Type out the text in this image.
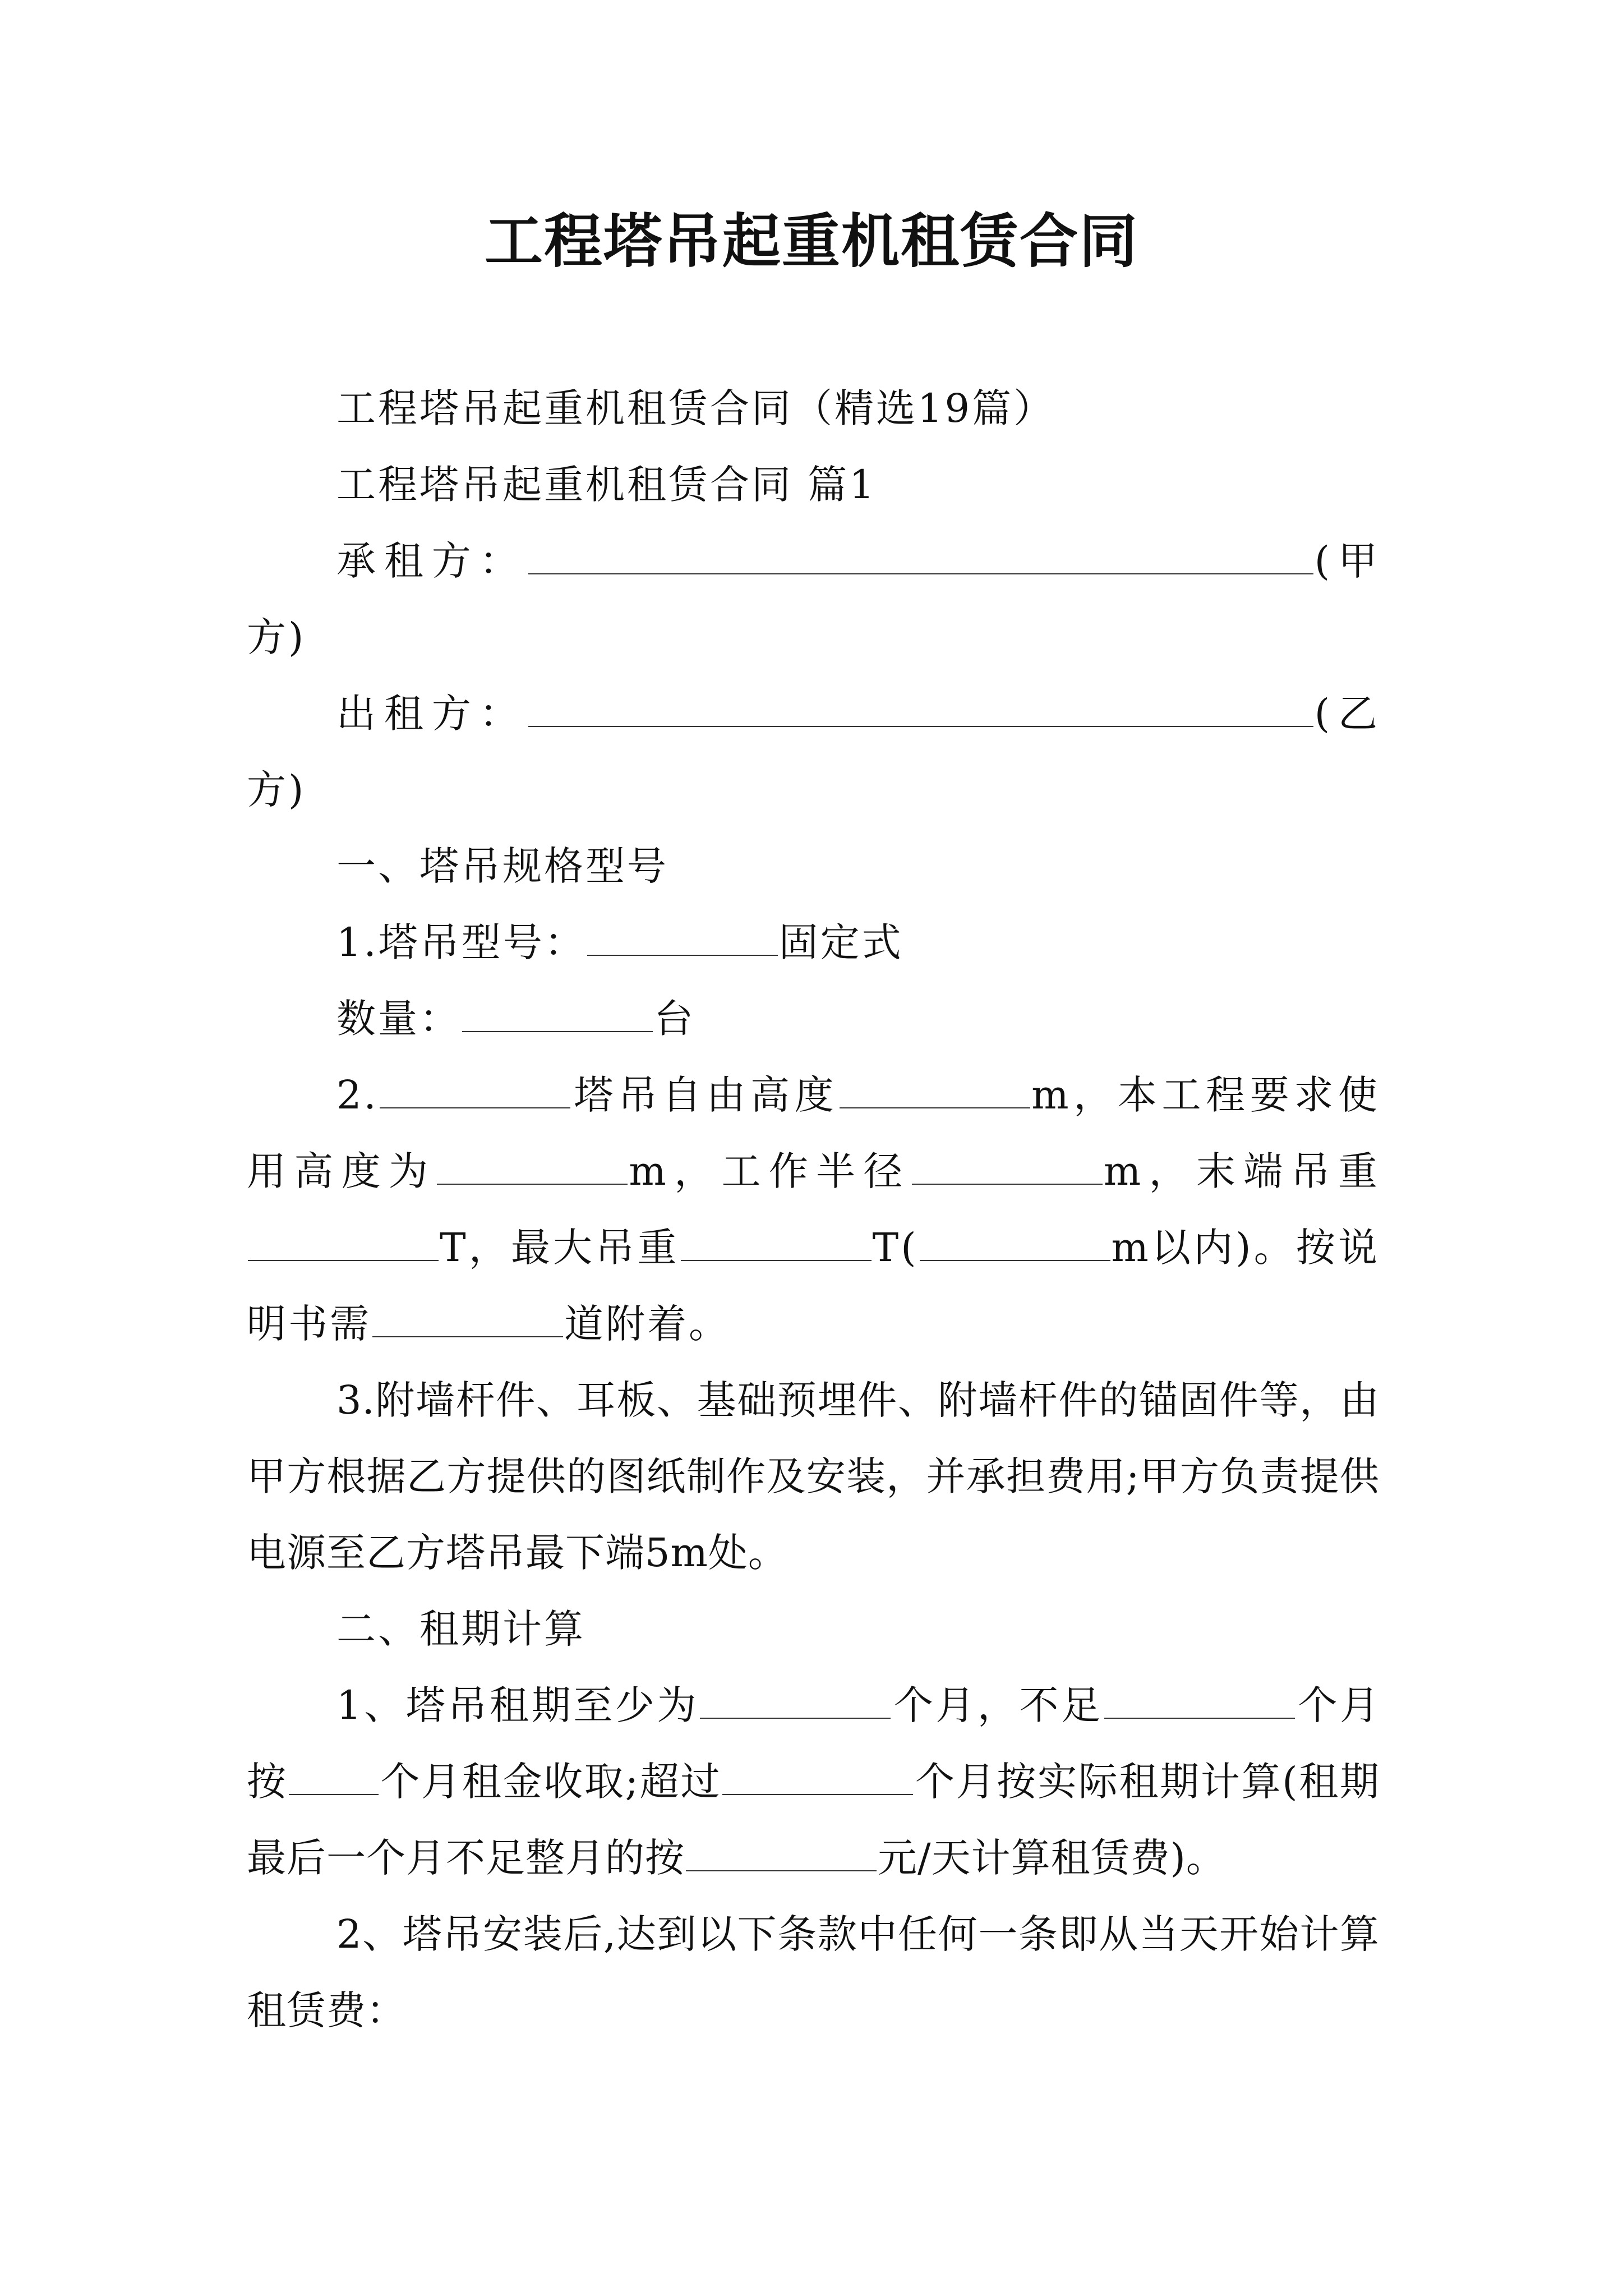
工程塔吊起重机租赁合同

工程塔吊起重机租赁合同（精选19篇）

工程塔吊起重机租赁合同 篇1

承租方：	(甲方)

出租方：	(乙方)

一、塔吊规格型号

1.塔吊型号：	固定式

数量：	台

2.	塔吊自由高度	m，本工程要求使用高度为	m，工作半径	m，末端吊重T，最大吊重	T(	m以内)。按说明书需	道附着。

3.附墙杆件、耳板、基础预埋件、附墙杆件的锚固件等，由甲方根据乙方提供的图纸制作及安装，并承担费用;甲方负责提供电源至乙方塔吊最下端5m处。

二、租期计算

1、塔吊租期至少为	个月，不足	个月按 个月租金收取;超过	个月按实际租期计算(租期最后一个月不足整月的按	元/天计算租赁费)。

2、塔吊安装后,达到以下条款中任何一条即从当天开始计算租赁费：
